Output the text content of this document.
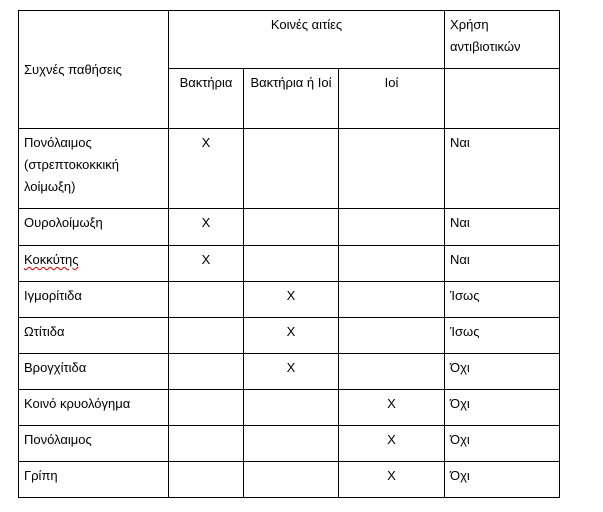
Συχνές παθήσεις	Κοινές αιτίες			Χρήση αντιβιοτικών
	Βακτήρια	Βακτήρια ή Ιοί	Ιοί	
Πονόλαιμος (στρεπτοκοκκική λοίμωξη)	X			Ναι
Ουρολοίμωξη	X			Ναι
Κοκκύτης	X			Ναι
Ιγμορίτιδα		X		Ίσως
Ωτίτιδα		X		Ίσως
Βρογχίτιδα		X		Όχι
Κοινό κρυολόγημα			X	Όχι
Πονόλαιμος			X	Όχι
Γρίπη			X	Όχι
